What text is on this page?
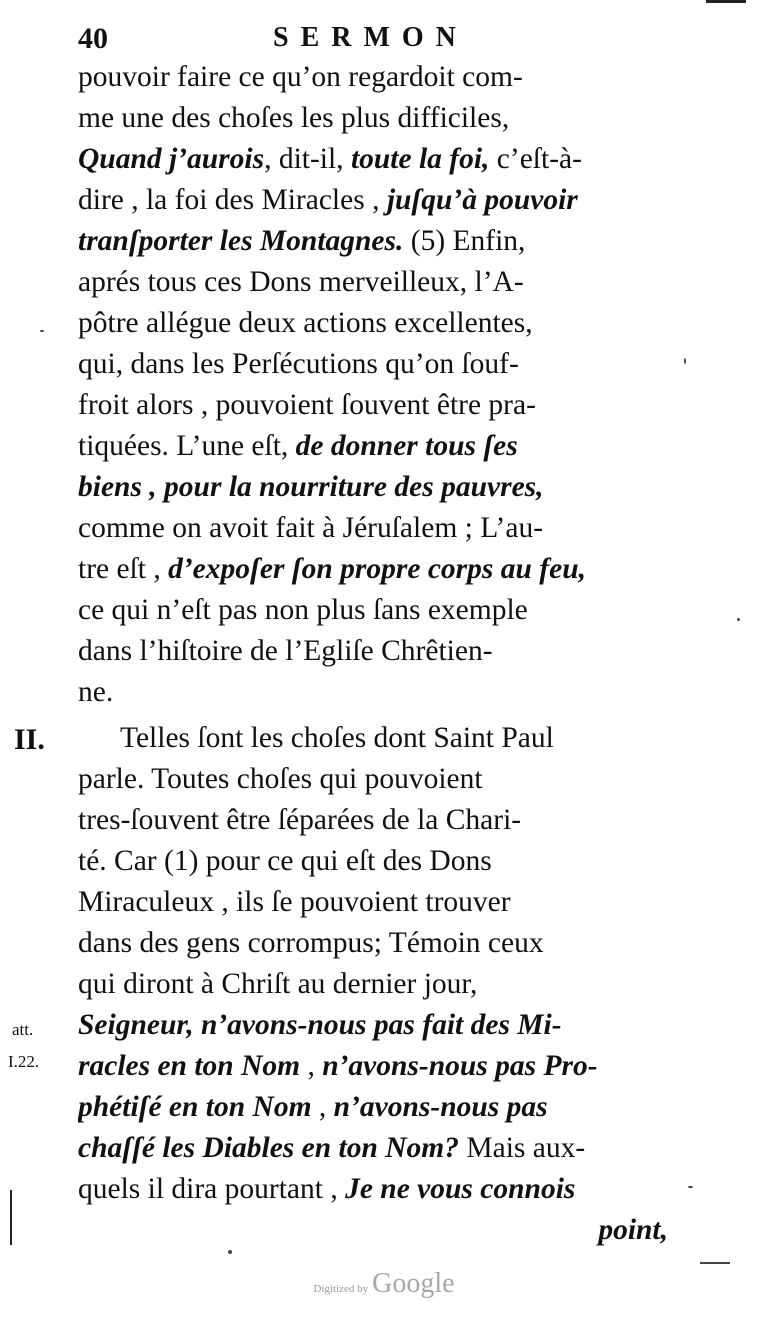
40	SERMON
pouvoir faire ce qu’on regardoit com-
me une des choſes les plus difficiles,
Quand j’aurois, dit-il, toute la foi, c’eſt-à-
dire , la foi des Miracles , juſqu’à pouvoir
tranſporter les Montagnes. (5) Enfin,
aprés tous ces Dons merveilleux, l’A-
pôtre allégue deux actions excellentes,
qui, dans les Perſécutions qu’on ſouf-
froit alors , pouvoient ſouvent être pra-
tiquées. L’une eſt, de donner tous ſes
biens , pour la nourriture des pauvres,
comme on avoit fait à Jéruſalem ; L’au-
tre eſt , d’expoſer ſon propre corps au feu,
ce qui n’eſt pas non plus ſans exemple
dans l’hiſtoire de l’Egliſe Chrêtien-
ne.
II.	Telles ſont les choſes dont Saint Paul
parle. Toutes choſes qui pouvoient
tres-ſouvent être ſéparées de la Chari-
té. Car (1) pour ce qui eſt des Dons
Miraculeux , ils ſe pouvoient trouver
dans des gens corrompus; Témoin ceux
qui diront à Chriſt au dernier jour,
Seigneur, n’avons-nous pas fait des Mi-
racles en ton Nom , n’avons-nous pas Pro-
phétiſé en ton Nom , n’avons-nous pas
chaſſé les Diables en ton Nom? Mais aux-
quels il dira pourtant , Je ne vous connois
point,
att.
I.22.
Digitized by Google
